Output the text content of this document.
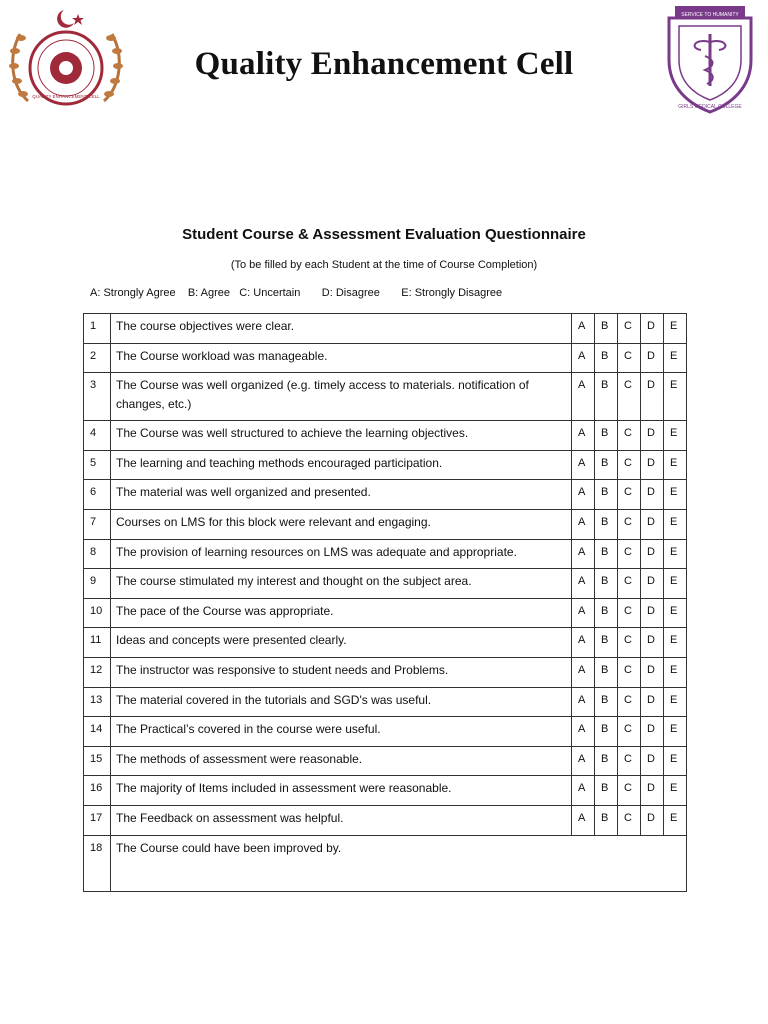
QUALITY ENHANCEMENT CELL
Quality Enhancement Cell
GIRLS MEDICAL COLLEGE
SERVICE TO HUMANITY
Student Course & Assessment Evaluation Questionnaire
(To be filled by each Student at the time of Course Completion)
A: Strongly Agree B: Agree C: Uncertain D: Disagree E: Strongly Disagree
1	The course objectives were clear.	A	B	C	D	E
2	The Course workload was manageable.	A	B	C	D	E
3	The Course was well organized (e.g. timely access to materials. notification of changes, etc.)	A	B	C	D	E
4	The Course was well structured to achieve the learning objectives.	A	B	C	D	E
5	The learning and teaching methods encouraged participation.	A	B	C	D	E
6	The material was well organized and presented.	A	B	C	D	E
7	Courses on LMS for this block were relevant and engaging.	A	B	C	D	E
8	The provision of learning resources on LMS was adequate and appropriate.	A	B	C	D	E
9	The course stimulated my interest and thought on the subject area.	A	B	C	D	E
10	The pace of the Course was appropriate.	A	B	C	D	E
11	Ideas and concepts were presented clearly.	A	B	C	D	E
12	The instructor was responsive to student needs and Problems.	A	B	C	D	E
13	The material covered in the tutorials and SGD's was useful.	A	B	C	D	E
14	The Practical’s covered in the course were useful.	A	B	C	D	E
15	The methods of assessment were reasonable.	A	B	C	D	E
16	The majority of Items included in assessment were reasonable.	A	B	C	D	E
17	The Feedback on assessment was helpful.	A	B	C	D	E
18	The Course could have been improved by.					
